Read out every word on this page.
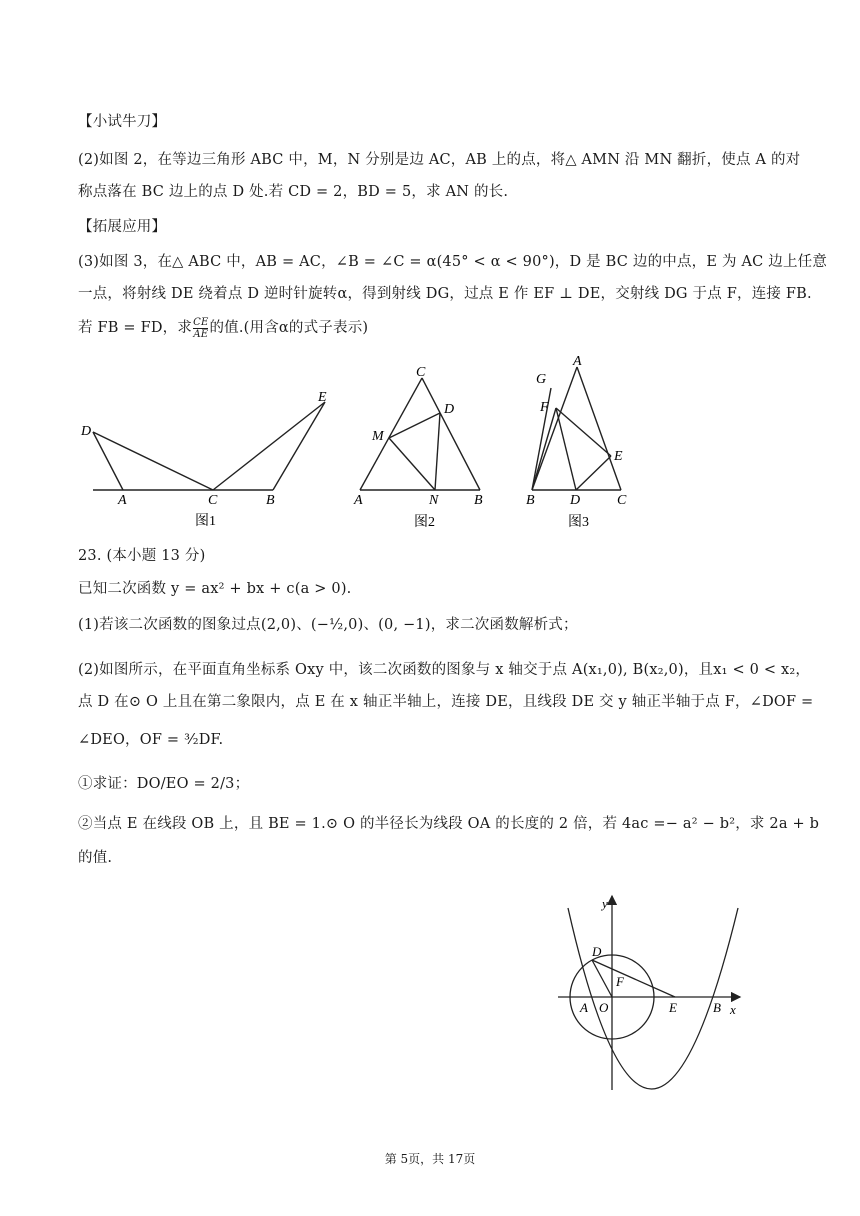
【小试牛刀】
(2)如图 2，在等边三角形 ABC 中，M，N 分别是边 AC，AB 上的点，将△ AMN 沿 MN 翻折，使点 A 的对
称点落在 BC 边上的点 D 处.若 CD = 2，BD = 5，求 AN 的长.
【拓展应用】
(3)如图 3，在△ ABC 中，AB = AC，∠B = ∠C = α(45° < α < 90°)，D 是 BC 边的中点，E 为 AC 边上任意
一点，将射线 DE 绕着点 D 逆时针旋转α，得到射线 DG，过点 E 作 EF ⊥ DE，交射线 DG 于点 F，连接 FB.
若 FB = FD，求 $\frac{CE}{AE}$ 的值.(用含α的式子表示)
D
E
A	C	B
图1
C
D
M
A	N	B
图2
A
G
F
E
B	D	C
图3
23. (本小题 13 分)
已知二次函数 y = ax² + bx + c(a > 0).
(1)若该二次函数的图象过点(2,0)、(−½,0)、(0, −1)，求二次函数解析式；
(2)如图所示，在平面直角坐标系 Oxy 中，该二次函数的图象与 x 轴交于点 A(x₁,0), B(x₂,0)，且x₁ < 0 < x₂，
点 D 在⊙ O 上且在第二象限内，点 E 在 x 轴正半轴上，连接 DE，且线段 DE 交 y 轴正半轴于点 F，∠DOF =
∠DEO，OF = ³⁄₂DF.
①求证：DO/EO = 2/3；
②当点 E 在线段 OB 上，且 BE = 1.⊙ O 的半径长为线段 OA 的长度的 2 倍，若 4ac =− a² − b²，求 2a + b
的值.
y
x
D
F
A O	E	B
第 5页，共 17页
